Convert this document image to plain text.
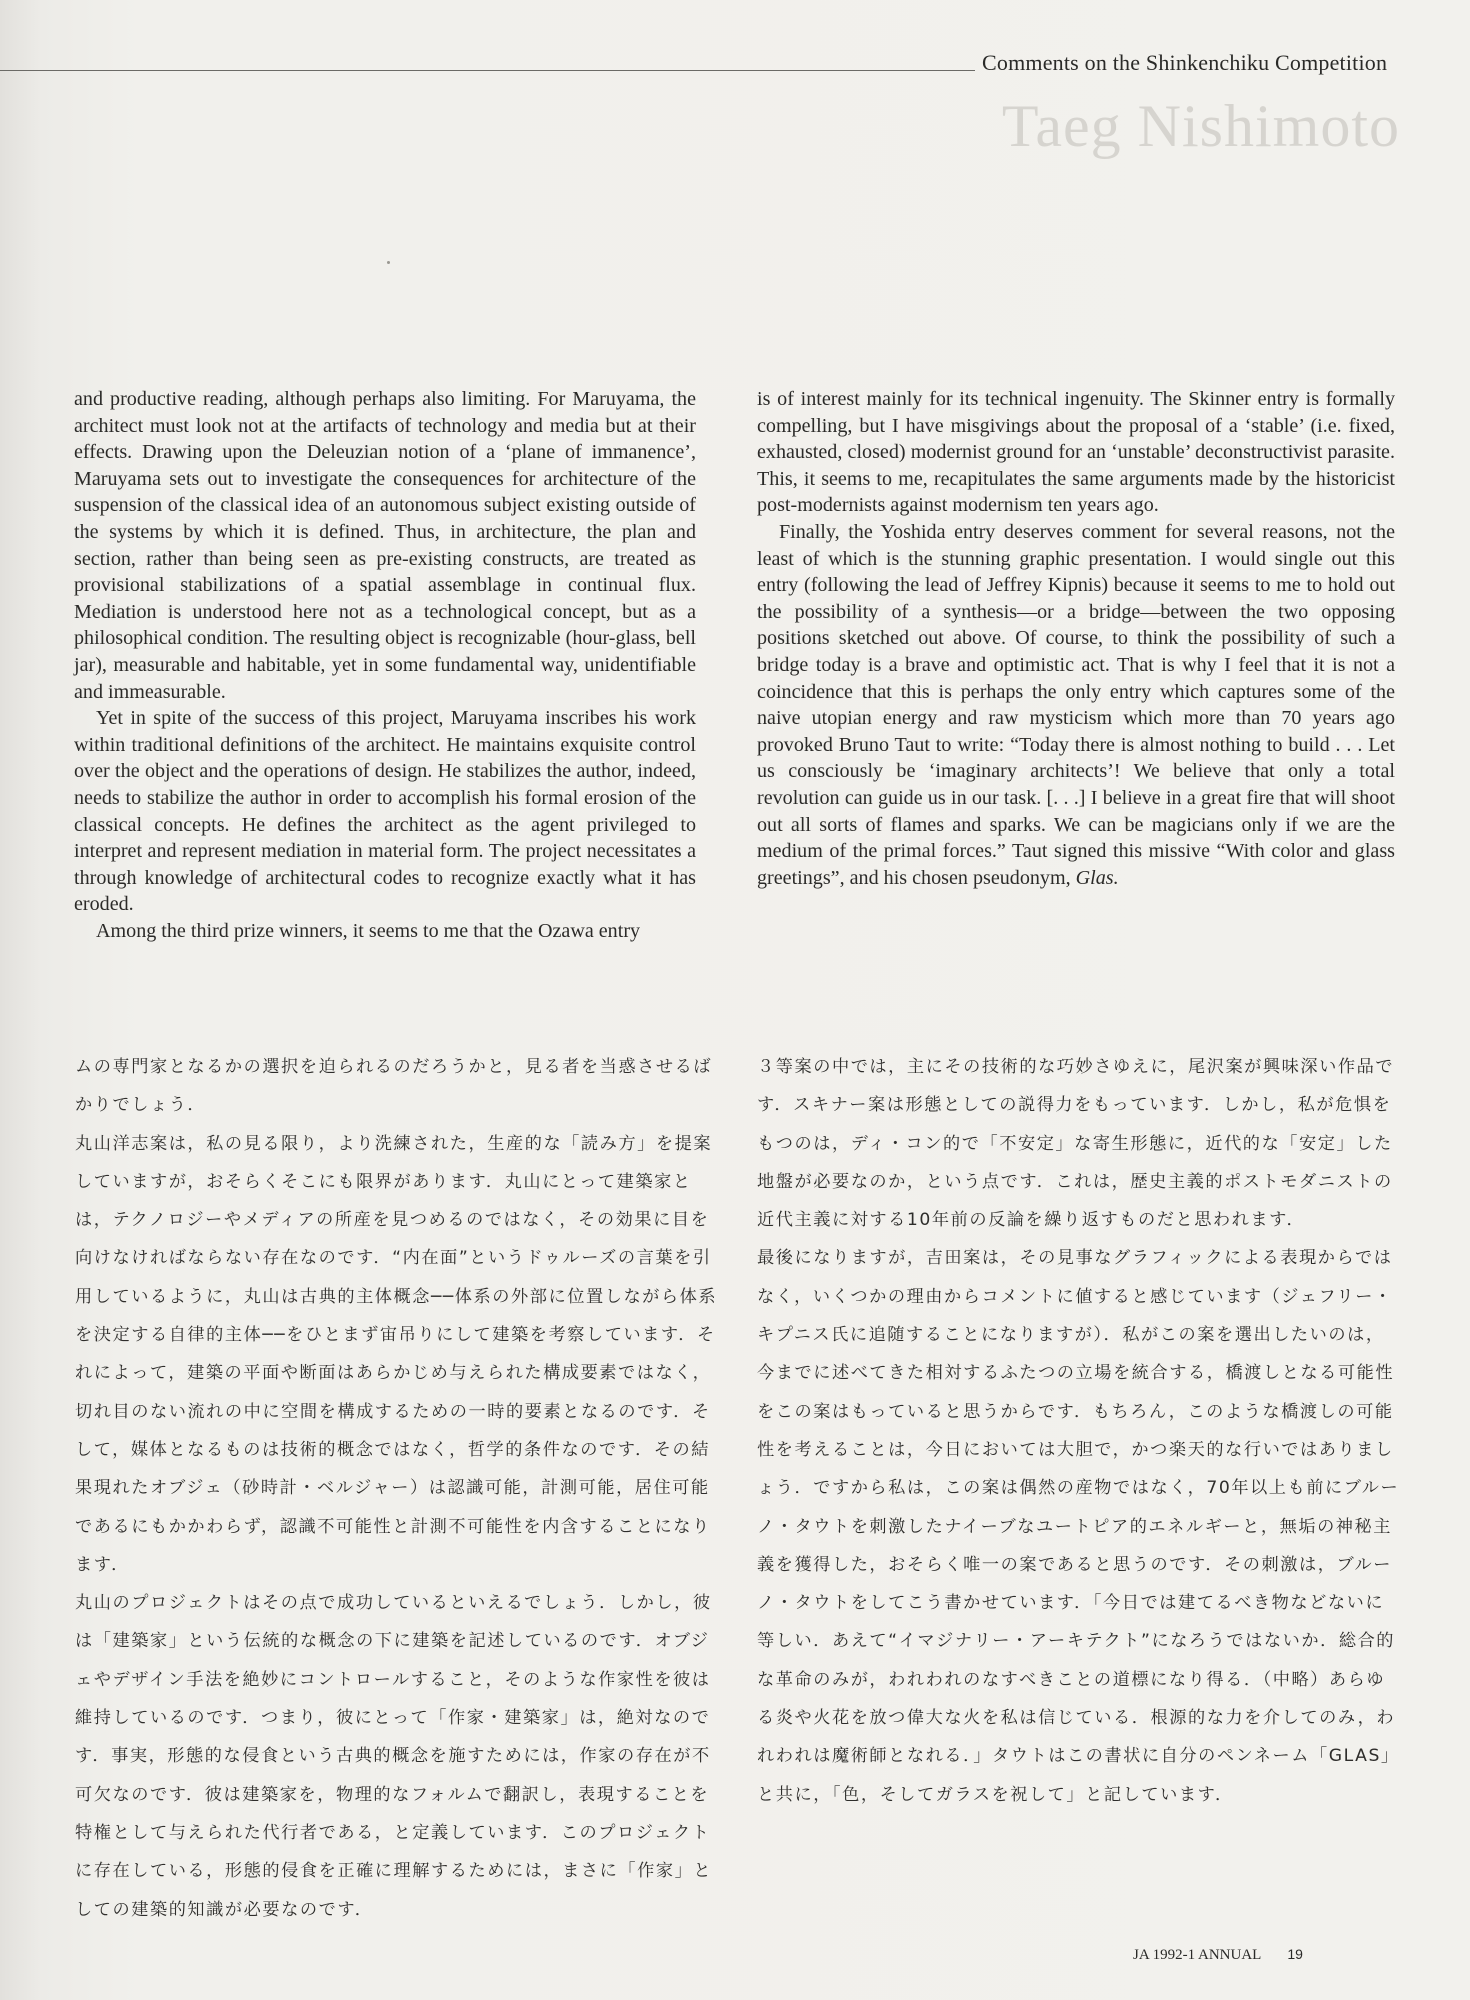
Comments on the Shinkenchiku Competition
Taeg Nishimoto

and productive reading, although perhaps also limiting. For Maruyama, the architect must look not at the artifacts of technology and media but at their effects. Drawing upon the Deleuzian notion of a ‘plane of immanence’, Maruyama sets out to investigate the consequences for architecture of the suspension of the classical idea of an autonomous subject existing outside of the systems by which it is defined. Thus, in architecture, the plan and section, rather than being seen as pre-existing constructs, are treated as provisional stabilizations of a spatial assemblage in continual flux. Mediation is understood here not as a technological concept, but as a philosophical condition. The resulting object is recognizable (hour-glass, bell jar), measurable and habitable, yet in some fundamental way, unidentifiable and immeasurable.

Yet in spite of the success of this project, Maruyama inscribes his work within traditional definitions of the architect. He maintains exquisite control over the object and the operations of design. He stabilizes the author, indeed, needs to stabilize the author in order to accomplish his formal erosion of the classical concepts. He defines the architect as the agent privileged to interpret and represent mediation in material form. The project necessitates a through knowledge of architectural codes to recognize exactly what it has eroded.

Among the third prize winners, it seems to me that the Ozawa entry

is of interest mainly for its technical ingenuity. The Skinner entry is formally compelling, but I have misgivings about the proposal of a ‘stable’ (i.e. fixed, exhausted, closed) modernist ground for an ‘unstable’ deconstructivist parasite. This, it seems to me, recapitulates the same arguments made by the historicist post-modernists against modernism ten years ago.

Finally, the Yoshida entry deserves comment for several reasons, not the least of which is the stunning graphic presentation. I would single out this entry (following the lead of Jeffrey Kipnis) because it seems to me to hold out the possibility of a synthesis—or a bridge—between the two opposing positions sketched out above. Of course, to think the possibility of such a bridge today is a brave and optimistic act. That is why I feel that it is not a coincidence that this is perhaps the only entry which captures some of the naive utopian energy and raw mysticism which more than 70 years ago provoked Bruno Taut to write: “Today there is almost nothing to build . . . Let us consciously be ‘imaginary architects’! We believe that only a total revolution can guide us in our task. [. . .] I believe in a great fire that will shoot out all sorts of flames and sparks. We can be magicians only if we are the medium of the primal forces.” Taut signed this missive “With color and glass greetings”, and his chosen pseudonym, Glas.

ムの専門家となるかの選択を迫られるのだろうかと，見る者を当惑させるばかりでしょう．

丸山洋志案は，私の見る限り，より洗練された，生産的な「読み方」を提案していますが，おそらくそこにも限界があります．丸山にとって建築家とは，テクノロジーやメディアの所産を見つめるのではなく，その効果に目を向けなければならない存在なのです．“内在面”というドゥルーズの言葉を引用しているように，丸山は古典的主体概念──体系の外部に位置しながら体系を決定する自律的主体──をひとまず宙吊りにして建築を考察しています．それによって，建築の平面や断面はあらかじめ与えられた構成要素ではなく，切れ目のない流れの中に空間を構成するための一時的要素となるのです．そして，媒体となるものは技術的概念ではなく，哲学的条件なのです．その結果現れたオブジェ（砂時計・ベルジャー）は認識可能，計測可能，居住可能であるにもかかわらず，認識不可能性と計測不可能性を内含することになります．

丸山のプロジェクトはその点で成功しているといえるでしょう．しかし，彼は「建築家」という伝統的な概念の下に建築を記述しているのです．オブジェやデザイン手法を絶妙にコントロールすること，そのような作家性を彼は維持しているのです．つまり，彼にとって「作家・建築家」は，絶対なのです．事実，形態的な侵食という古典的概念を施すためには，作家の存在が不可欠なのです．彼は建築家を，物理的なフォルムで翻訳し，表現することを特権として与えられた代行者である，と定義しています．このプロジェクトに存在している，形態的侵食を正確に理解するためには，まさに「作家」としての建築的知識が必要なのです．

３等案の中では，主にその技術的な巧妙さゆえに，尾沢案が興味深い作品です．スキナー案は形態としての説得力をもっています．しかし，私が危惧をもつのは，ディ・コン的で「不安定」な寄生形態に，近代的な「安定」した地盤が必要なのか，という点です．これは，歴史主義的ポストモダニストの近代主義に対する10年前の反論を繰り返すものだと思われます．

最後になりますが，吉田案は，その見事なグラフィックによる表現からではなく，いくつかの理由からコメントに値すると感じています（ジェフリー・キプニス氏に追随することになりますが）．私がこの案を選出したいのは，今までに述べてきた相対するふたつの立場を統合する，橋渡しとなる可能性をこの案はもっていると思うからです．もちろん，このような橋渡しの可能性を考えることは，今日においては大胆で，かつ楽天的な行いではありましょう．ですから私は，この案は偶然の産物ではなく，70年以上も前にブルーノ・タウトを刺激したナイーブなユートピア的エネルギーと，無垢の神秘主義を獲得した，おそらく唯一の案であると思うのです．その刺激は，ブルーノ・タウトをしてこう書かせています．「今日では建てるべき物などないに等しい．あえて“イマジナリー・アーキテクト”になろうではないか．総合的な革命のみが，われわれのなすべきことの道標になり得る．（中略）あらゆる炎や火花を放つ偉大な火を私は信じている．根源的な力を介してのみ，われわれは魔術師となれる．」タウトはこの書状に自分のペンネーム「GLAS」と共に，「色，そしてガラスを祝して」と記しています．

JA 1992-1 ANNUAL 19
